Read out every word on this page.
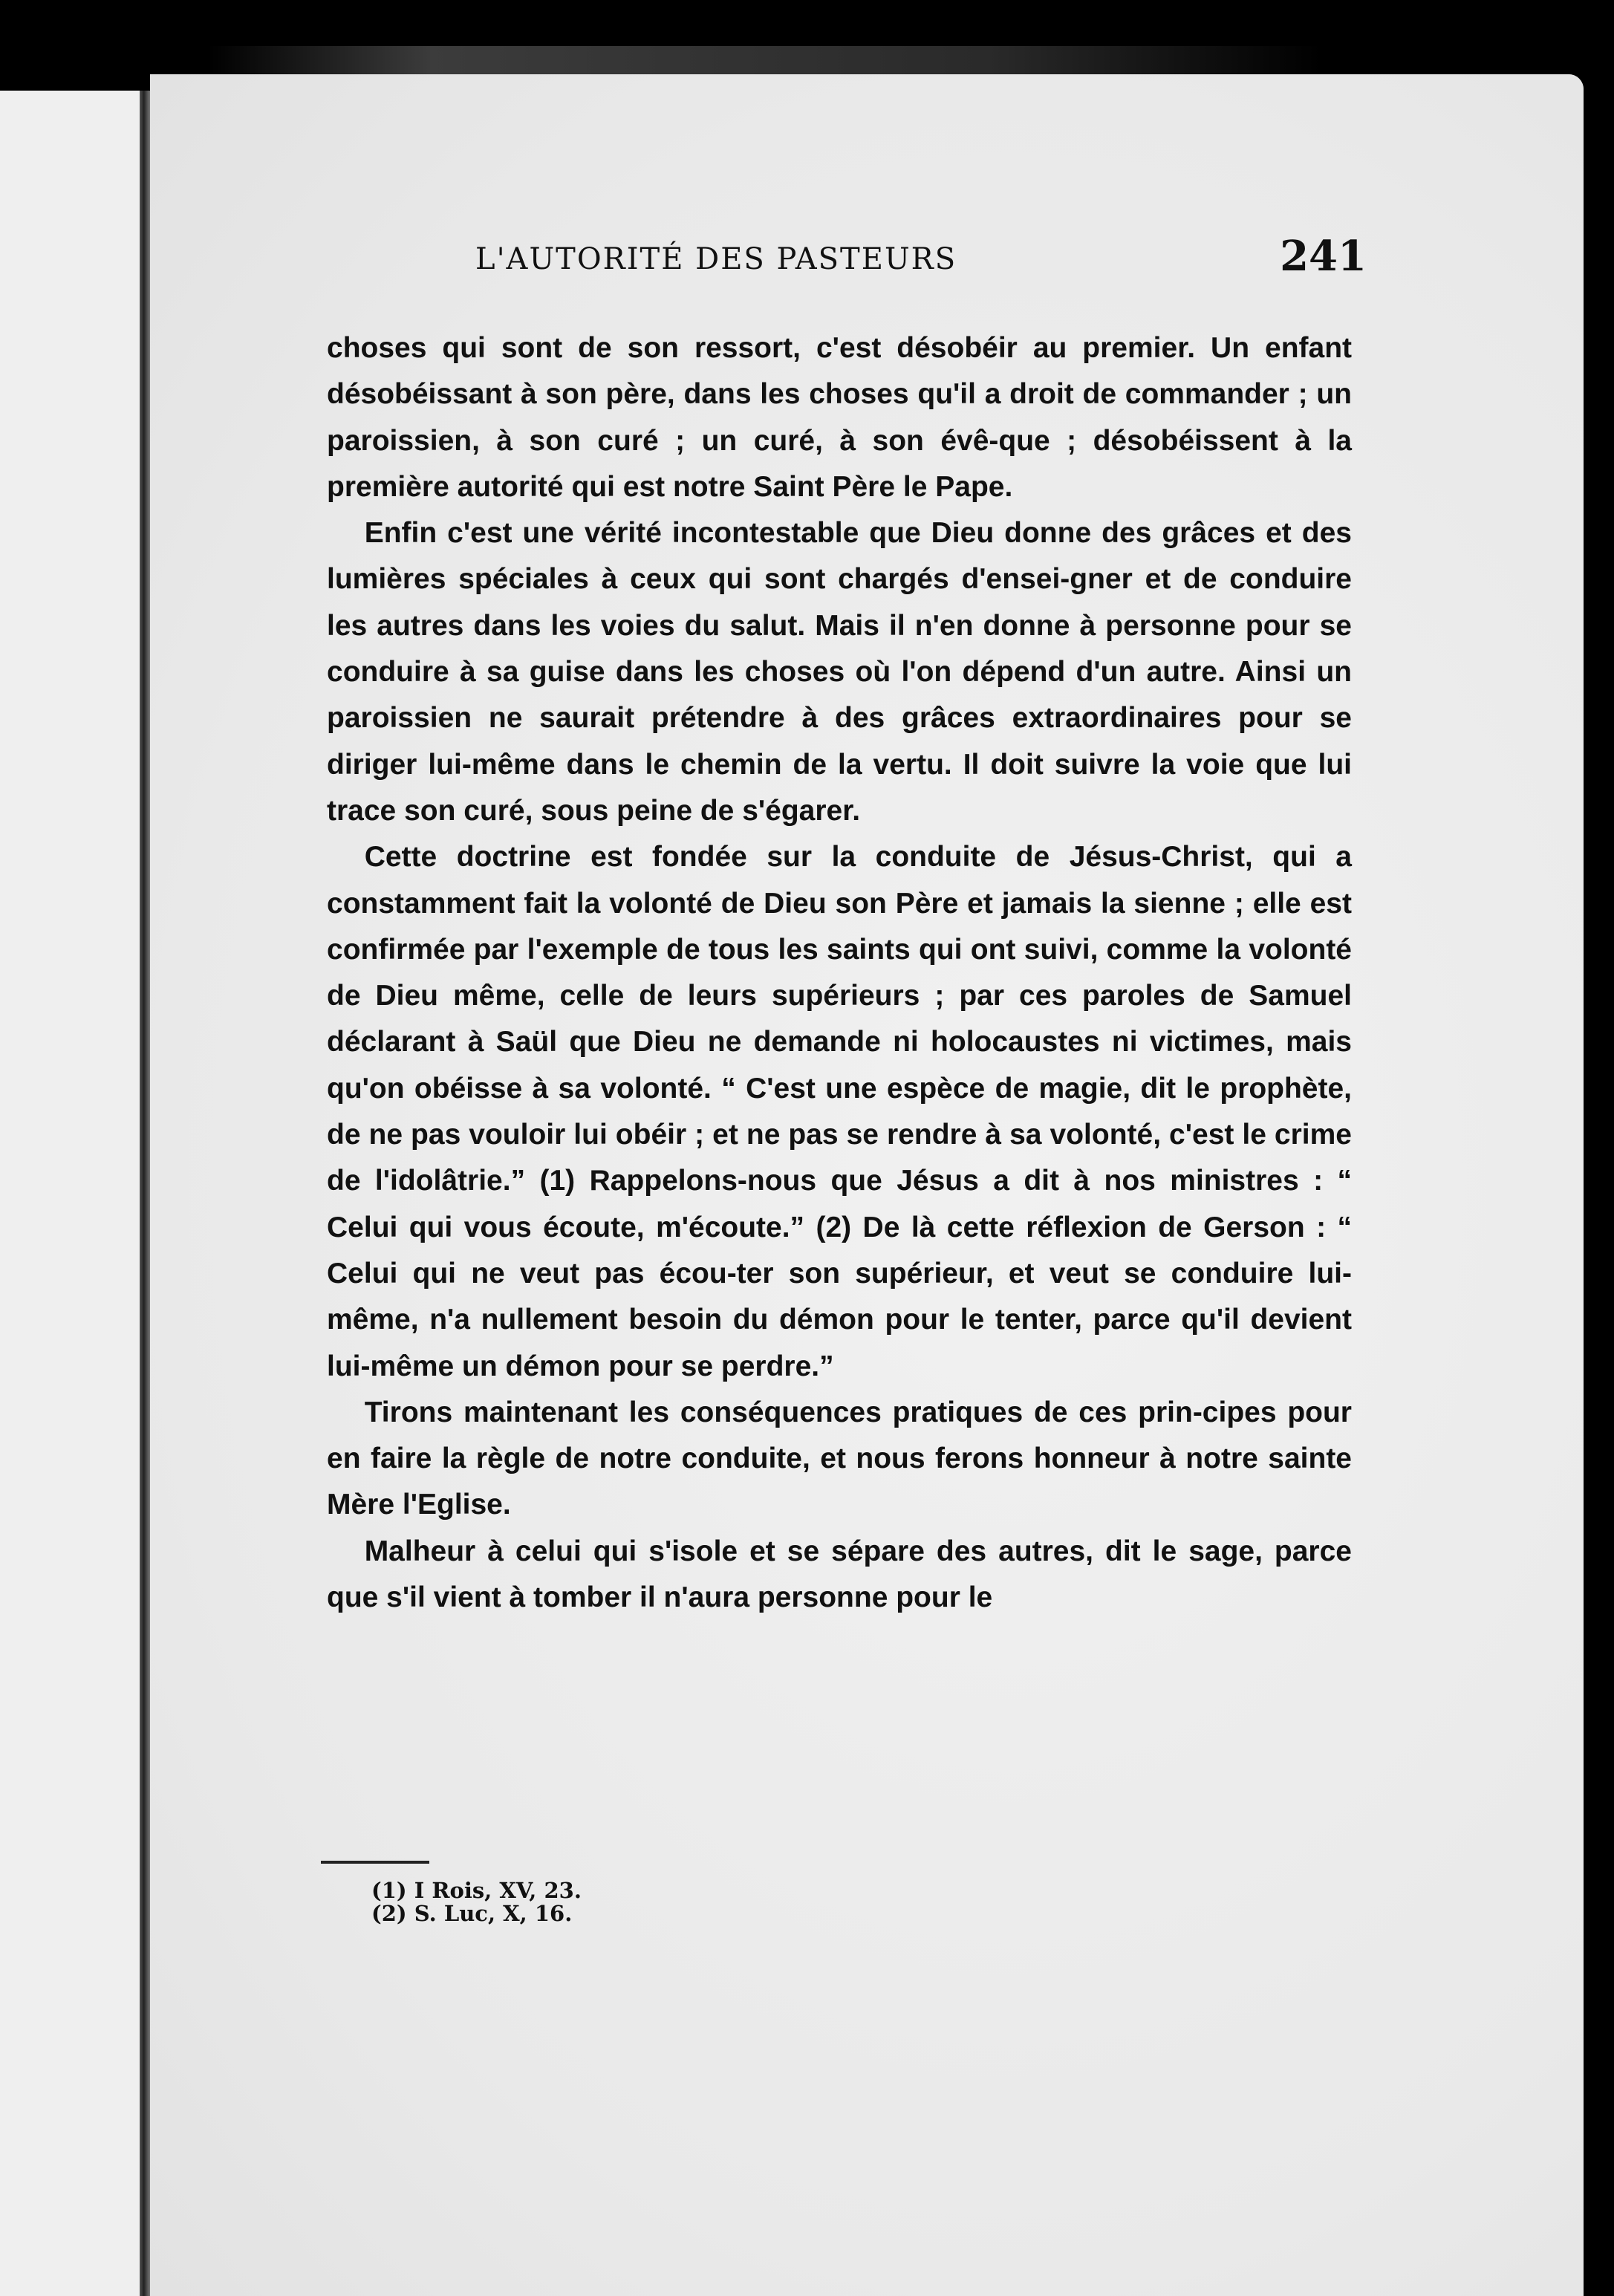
L'AUTORITÉ DES PASTEURS	241

choses qui sont de son ressort, c'est désobéir au premier. Un enfant désobéissant à son père, dans les choses qu'il a droit de commander ; un paroissien, à son curé ; un curé, à son évê-que ; désobéissent à la première autorité qui est notre Saint Père le Pape.

Enfin c'est une vérité incontestable que Dieu donne des grâces et des lumières spéciales à ceux qui sont chargés d'ensei-gner et de conduire les autres dans les voies du salut. Mais il n'en donne à personne pour se conduire à sa guise dans les choses où l'on dépend d'un autre. Ainsi un paroissien ne saurait prétendre à des grâces extraordinaires pour se diriger lui-même dans le chemin de la vertu. Il doit suivre la voie que lui trace son curé, sous peine de s'égarer.

Cette doctrine est fondée sur la conduite de Jésus-Christ, qui a constamment fait la volonté de Dieu son Père et jamais la sienne ; elle est confirmée par l'exemple de tous les saints qui ont suivi, comme la volonté de Dieu même, celle de leurs supérieurs ; par ces paroles de Samuel déclarant à Saül que Dieu ne demande ni holocaustes ni victimes, mais qu'on obéisse à sa volonté. “ C'est une espèce de magie, dit le prophète, de ne pas vouloir lui obéir ; et ne pas se rendre à sa volonté, c'est le crime de l'idolâtrie.” (1) Rappelons-nous que Jésus a dit à nos ministres : “ Celui qui vous écoute, m'écoute.” (2) De là cette réflexion de Gerson : “ Celui qui ne veut pas écou-ter son supérieur, et veut se conduire lui-même, n'a nullement besoin du démon pour le tenter, parce qu'il devient lui-même un démon pour se perdre.”

Tirons maintenant les conséquences pratiques de ces prin-cipes pour en faire la règle de notre conduite, et nous ferons honneur à notre sainte Mère l'Eglise.

Malheur à celui qui s'isole et se sépare des autres, dit le sage, parce que s'il vient à tomber il n'aura personne pour le

(1) I Rois, XV, 23.
(2) S. Luc, X, 16.
